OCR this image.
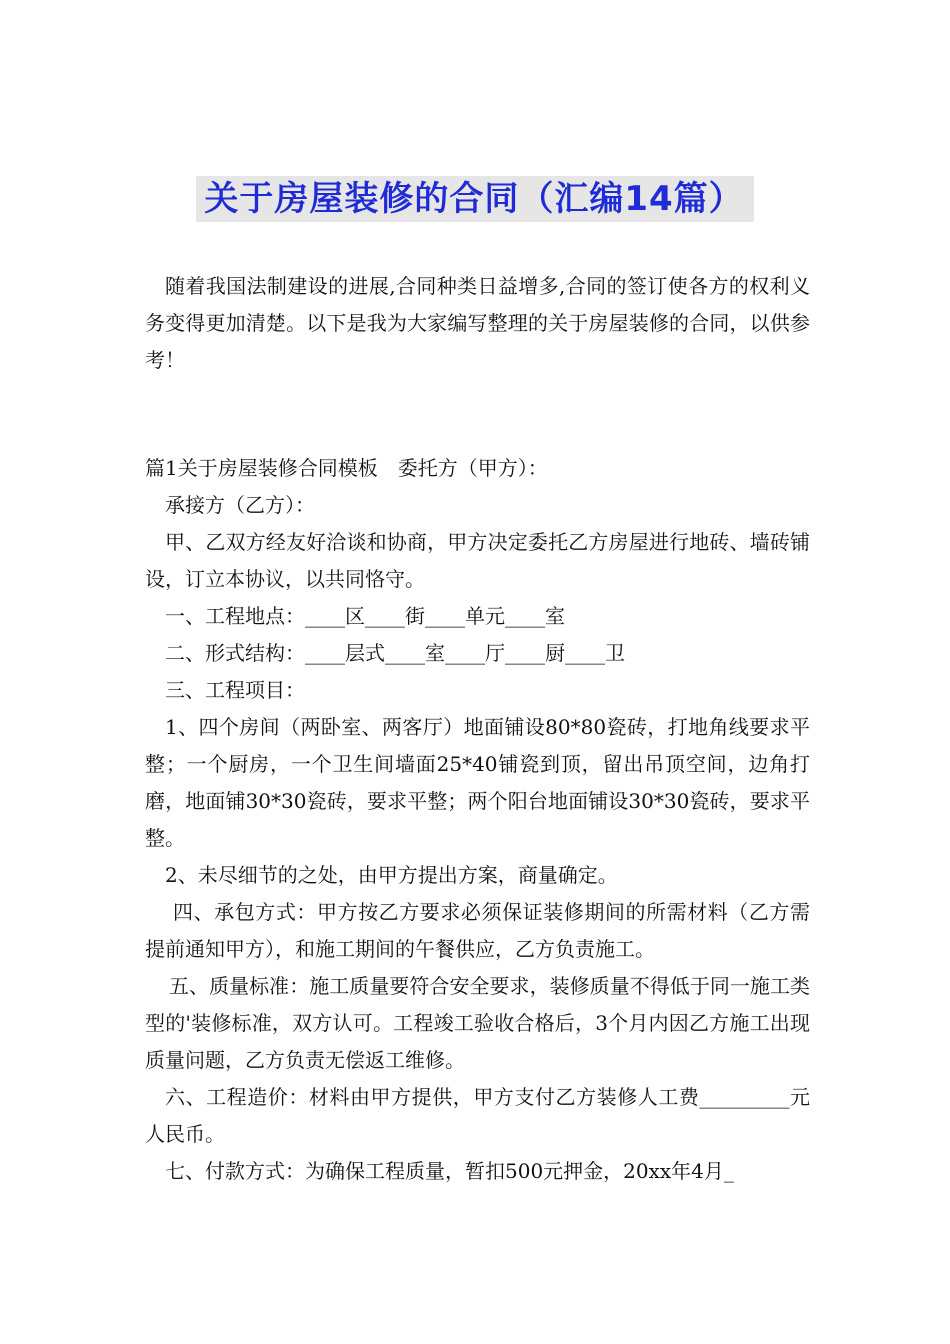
关于房屋装修的合同（汇编14篇）

随着我国法制建设的进展,合同种类日益增多,合同的签订使各方的权利义务变得更加清楚。以下是我为大家编写整理的关于房屋装修的合同，以供参考！

篇1关于房屋装修合同模板　委托方（甲方）：

承接方（乙方）：

甲、乙双方经友好洽谈和协商，甲方决定委托乙方房屋进行地砖、墙砖铺设，订立本协议，以共同恪守。

一、工程地点：____区____街____单元____室

二、形式结构：____层式____室____厅____厨____卫

三、工程项目：

1、四个房间（两卧室、两客厅）地面铺设80*80瓷砖，打地角线要求平整；一个厨房，一个卫生间墙面25*40铺瓷到顶，留出吊顶空间，边角打磨，地面铺30*30瓷砖，要求平整；两个阳台地面铺设30*30瓷砖，要求平整。

2、未尽细节的之处，由甲方提出方案，商量确定。

四、承包方式：甲方按乙方要求必须保证装修期间的所需材料（乙方需提前通知甲方），和施工期间的午餐供应，乙方负责施工。

五、质量标准：施工质量要符合安全要求，装修质量不得低于同一施工类型的'装修标准，双方认可。工程竣工验收合格后，3个月内因乙方施工出现质量问题，乙方负责无偿返工维修。

六、工程造价：材料由甲方提供，甲方支付乙方装修人工费_________元人民币。

七、付款方式：为确保工程质量，暂扣500元押金，20xx年4月_
